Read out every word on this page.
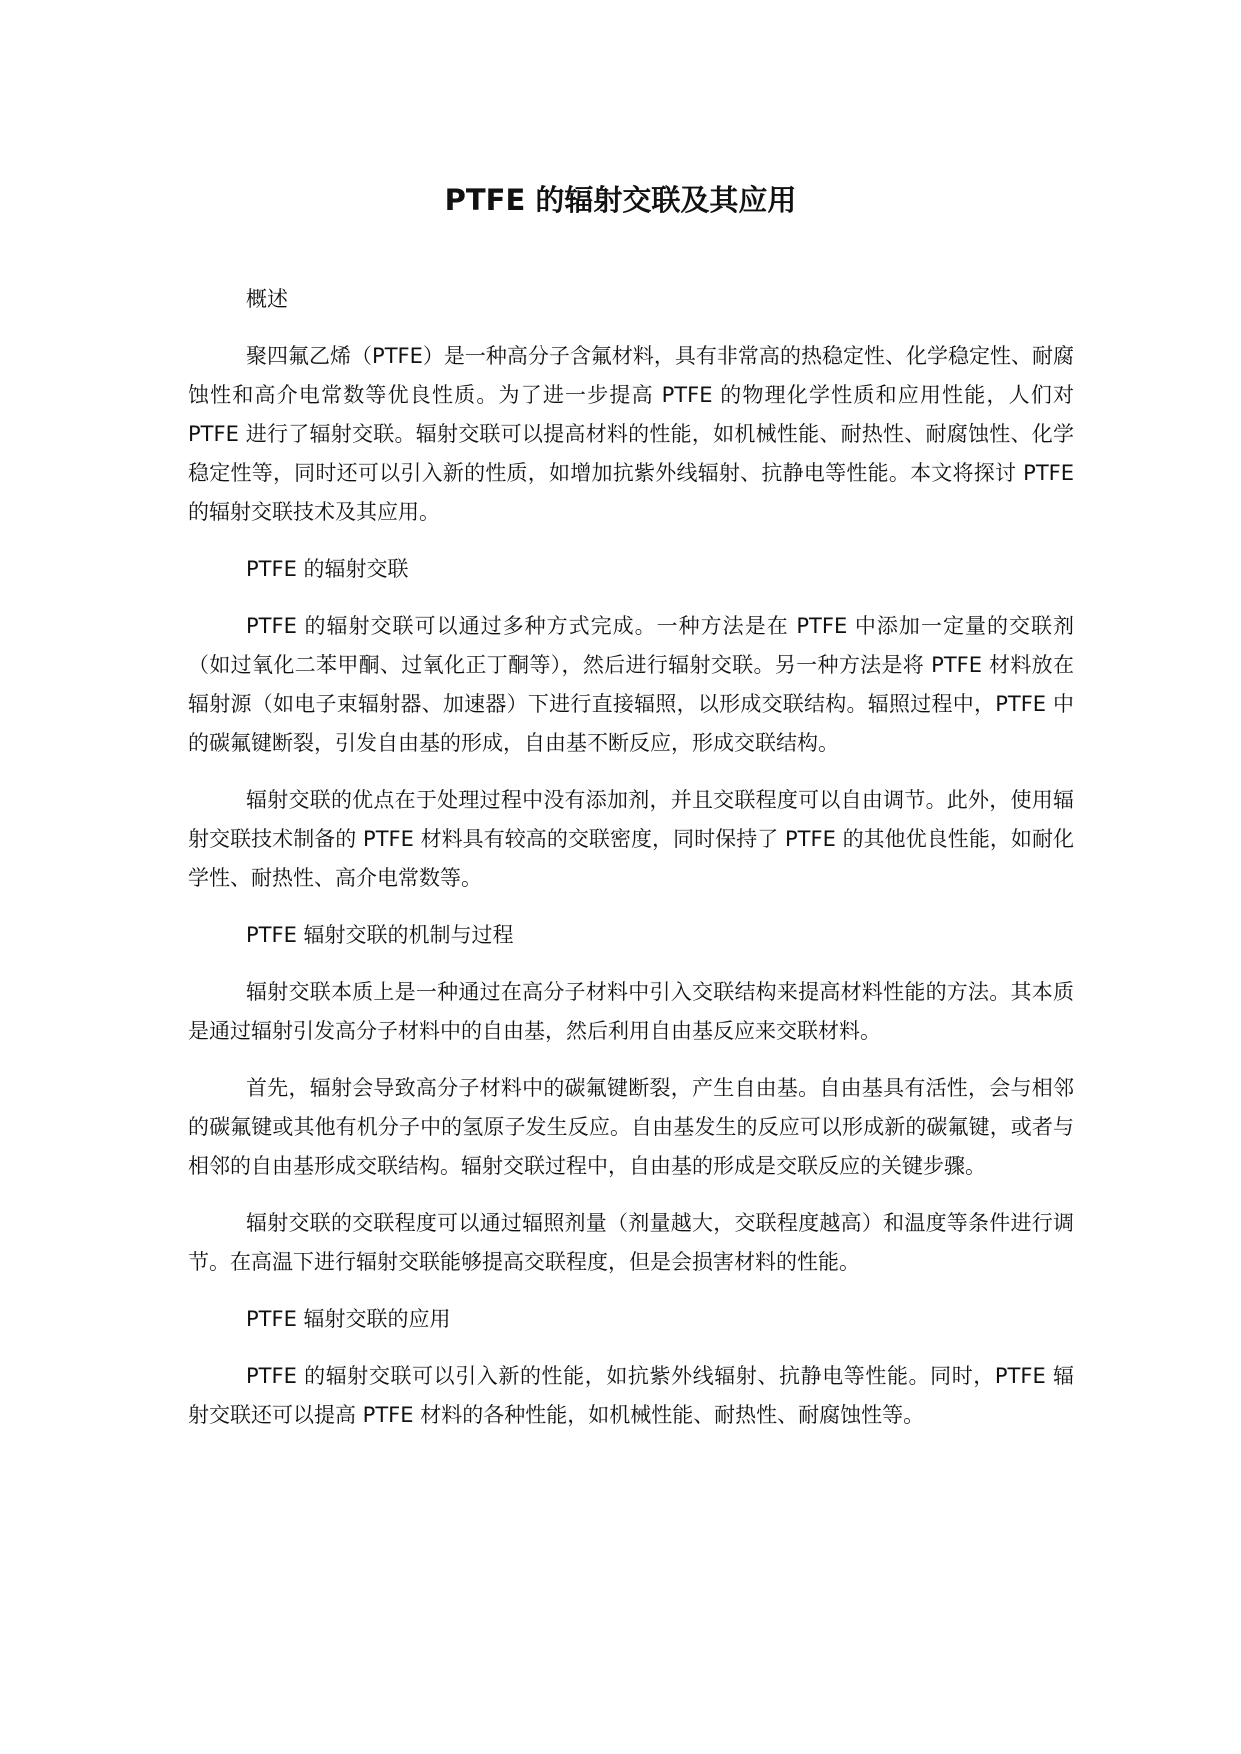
PTFE 的辐射交联及其应用

概述

聚四氟乙烯（PTFE）是一种高分子含氟材料，具有非常高的热稳定性、化学稳定性、耐腐蚀性和高介电常数等优良性质。为了进一步提高 PTFE 的物理化学性质和应用性能，人们对 PTFE 进行了辐射交联。辐射交联可以提高材料的性能，如机械性能、耐热性、耐腐蚀性、化学稳定性等，同时还可以引入新的性质，如增加抗紫外线辐射、抗静电等性能。本文将探讨 PTFE 的辐射交联技术及其应用。

PTFE 的辐射交联

PTFE 的辐射交联可以通过多种方式完成。一种方法是在 PTFE 中添加一定量的交联剂（如过氧化二苯甲酮、过氧化正丁酮等），然后进行辐射交联。另一种方法是将 PTFE 材料放在辐射源（如电子束辐射器、加速器）下进行直接辐照，以形成交联结构。辐照过程中，PTFE 中的碳氟键断裂，引发自由基的形成，自由基不断反应，形成交联结构。

辐射交联的优点在于处理过程中没有添加剂，并且交联程度可以自由调节。此外，使用辐射交联技术制备的 PTFE 材料具有较高的交联密度，同时保持了 PTFE 的其他优良性能，如耐化学性、耐热性、高介电常数等。

PTFE 辐射交联的机制与过程

辐射交联本质上是一种通过在高分子材料中引入交联结构来提高材料性能的方法。其本质是通过辐射引发高分子材料中的自由基，然后利用自由基反应来交联材料。

首先，辐射会导致高分子材料中的碳氟键断裂，产生自由基。自由基具有活性，会与相邻的碳氟键或其他有机分子中的氢原子发生反应。自由基发生的反应可以形成新的碳氟键，或者与相邻的自由基形成交联结构。辐射交联过程中，自由基的形成是交联反应的关键步骤。

辐射交联的交联程度可以通过辐照剂量（剂量越大，交联程度越高）和温度等条件进行调节。在高温下进行辐射交联能够提高交联程度，但是会损害材料的性能。

PTFE 辐射交联的应用

PTFE 的辐射交联可以引入新的性能，如抗紫外线辐射、抗静电等性能。同时，PTFE 辐射交联还可以提高 PTFE 材料的各种性能，如机械性能、耐热性、耐腐蚀性等。
